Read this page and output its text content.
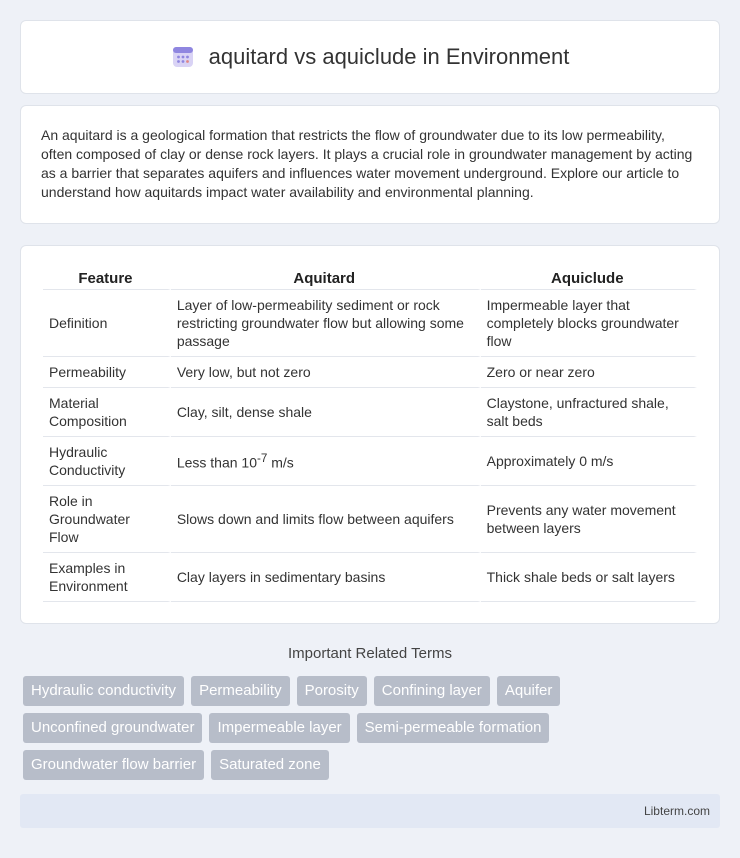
aquitard vs aquiclude in Environment

An aquitard is a geological formation that restricts the flow of groundwater due to its low permeability, often composed of clay or dense rock layers. It plays a crucial role in groundwater management by acting as a barrier that separates aquifers and influences water movement underground. Explore our article to understand how aquitards impact water availability and environmental planning.

Feature	Aquitard	Aquiclude
Definition	Layer of low-permeability sediment or rock restricting groundwater flow but allowing some passage	Impermeable layer that completely blocks groundwater flow
Permeability	Very low, but not zero	Zero or near zero
Material Composition	Clay, silt, dense shale	Claystone, unfractured shale, salt beds
Hydraulic Conductivity	Less than $10^{-7}$ m/s	Approximately 0 m/s
Role in Groundwater Flow	Slows down and limits flow between aquifers	Prevents any water movement between layers
Examples in Environment	Clay layers in sedimentary basins	Thick shale beds or salt layers
Important Related Terms
Hydraulic conductivity	Permeability	Porosity	Confining layer	Aquifer
Unconfined groundwater	Impermeable layer	Semi-permeable formation
Groundwater flow barrier	Saturated zone
Libterm.com
